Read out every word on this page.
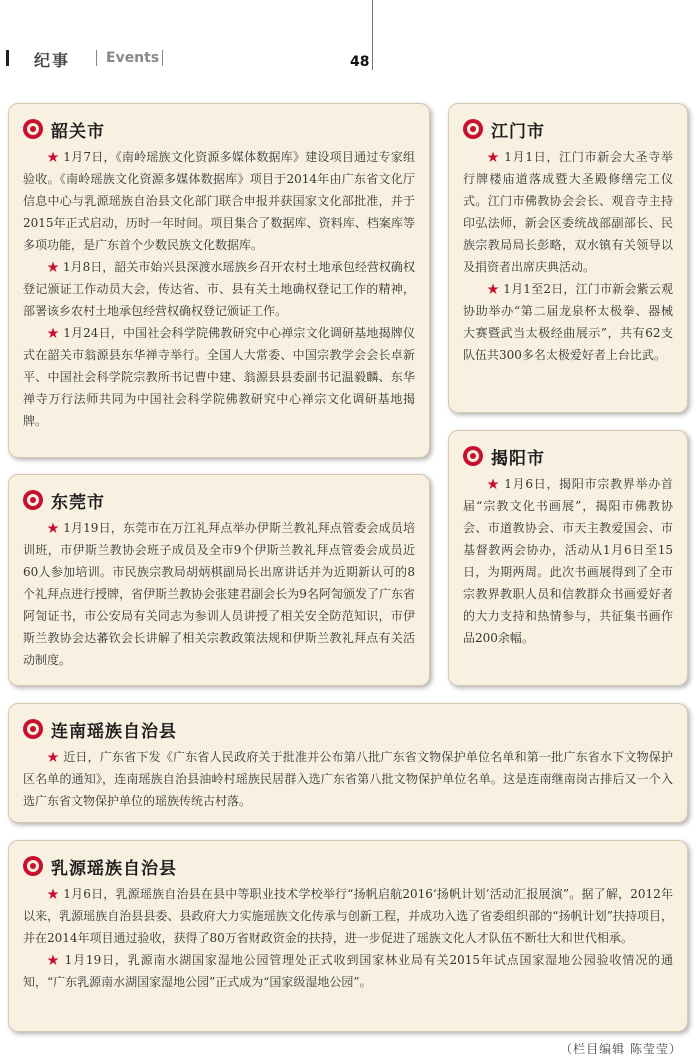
纪事	Events	48
韶关市

★ 1月7日，《南岭瑶族文化资源多媒体数据库》建设项目通过专家组验收。《南岭瑶族文化资源多媒体数据库》项目于2014年由广东省文化厅信息中心与乳源瑶族自治县文化部门联合申报并获国家文化部批准，并于2015年正式启动，历时一年时间。项目集合了数据库、资料库、档案库等多项功能，是广东首个少数民族文化数据库。

★ 1月8日，韶关市始兴县深渡水瑶族乡召开农村土地承包经营权确权登记颁证工作动员大会，传达省、市、县有关土地确权登记工作的精神，部署该乡农村土地承包经营权确权登记颁证工作。

★ 1月24日，中国社会科学院佛教研究中心禅宗文化调研基地揭牌仪式在韶关市翁源县东华禅寺举行。全国人大常委、中国宗教学会会长卓新平、中国社会科学院宗教所书记曹中建、翁源县县委副书记温毅麟、东华禅寺万行法师共同为中国社会科学院佛教研究中心禅宗文化调研基地揭牌。

江门市

★ 1月1日，江门市新会大圣寺举行牌楼庙道落成暨大圣殿修缮完工仪式。江门市佛教协会会长、观音寺主持印弘法师，新会区委统战部副部长、民族宗教局局长彭略，双水镇有关领导以及捐资者出席庆典活动。

★ 1月1至2日，江门市新会紫云观协助举办“第二届龙泉杯太极拳、器械大赛暨武当太极经曲展示”，共有62支队伍共300多名太极爱好者上台比武。

揭阳市

★ 1月6日，揭阳市宗教界举办首届“宗教文化书画展”，揭阳市佛教协会、市道教协会、市天主教爱国会、市基督教两会协办，活动从1月6日至15日，为期两周。此次书画展得到了全市宗教界教职人员和信教群众书画爱好者的大力支持和热情参与，共征集书画作品200余幅。

东莞市

★ 1月19日，东莞市在万江礼拜点举办伊斯兰教礼拜点管委会成员培训班，市伊斯兰教协会班子成员及全市9个伊斯兰教礼拜点管委会成员近60人参加培训。市民族宗教局胡炳棋副局长出席讲话并为近期新认可的8个礼拜点进行授牌，省伊斯兰教协会张建君副会长为9名阿訇颁发了广东省阿訇证书，市公安局有关同志为参训人员讲授了相关安全防范知识，市伊斯兰教协会达蕃钦会长讲解了相关宗教政策法规和伊斯兰教礼拜点有关活动制度。

连南瑶族自治县

★ 近日，广东省下发《广东省人民政府关于批准并公布第八批广东省文物保护单位名单和第一批广东省水下文物保护区名单的通知》，连南瑶族自治县油岭村瑶族民居群入选广东省第八批文物保护单位名单。这是连南继南岗古排后又一个入选广东省文物保护单位的瑶族传统古村落。

乳源瑶族自治县

★ 1月6日，乳源瑶族自治县在县中等职业技术学校举行“扬帆启航2016‘扬帆计划’活动汇报展演”。据了解，2012年以来，乳源瑶族自治县县委、县政府大力实施瑶族文化传承与创新工程，并成功入选了省委组织部的“扬帆计划”扶持项目，并在2014年项目通过验收，获得了80万省财政资金的扶持，进一步促进了瑶族文化人才队伍不断壮大和世代相承。

★ 1月19日，乳源南水湖国家湿地公园管理处正式收到国家林业局有关2015年试点国家湿地公园验收情况的通知，“广东乳源南水湖国家湿地公园”正式成为“国家级湿地公园”。

（栏目编辑 陈莹莹）
